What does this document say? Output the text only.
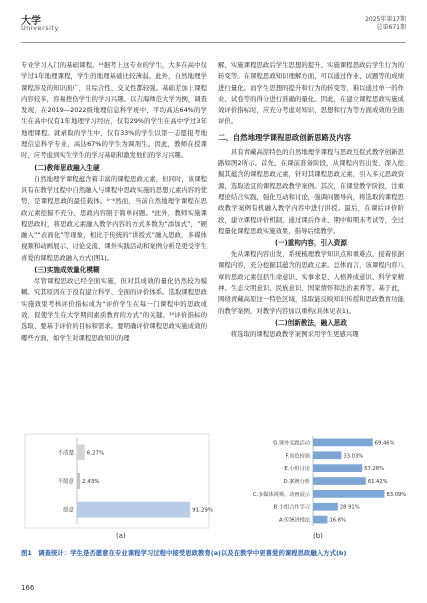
大学
University
2025年第17期
总第671期

专业学习入门的基础课程。¹⁴据考上这专业的学生，大多在高中仅学过1年地理课程，学生的地理基础比较薄弱。此外，自然地理学课程涉及的知识面广，且综合性、交叉性都较强。基础差加上课程内容较多，容易挫伤学生的学习兴趣。以吉海师范大学为例，调查发现，在2019—2022级地理信息科学班中，平均高达64%的学生在高中仅有1年地理学习经历，仅有29%的学生在高中学过3年地理课程。就录取的学生中，仅有33%的学生以第一志愿报考地理信息科学专业，高达67%的学生为调剂生。因此，教师在授课时，应考虑到实生学生的学习基础和激发他们的学习兴趣。

(二)教师思政融入生硬

自然地理学课程蕴含着丰富的课程思政元素，但同时，该课程具有在教学过程中自然融入与课程中思政实施的思想元素内容的优势，是课程思政的最佳载体。⁵⁻⁶然而，当前自然地理学课程在思政元素挖掘不充分、思政内容限于简单问题。⁸此外，教师实施课程思政时，将思政元素融入教学内容的方式多数为“添加式”，“硬融入”“表面化”等现象，相比于传统的“讲授式”融入思政，多媒体视频和动画展示、讨论交流、课外实践活动和案例分析是更受学生喜爱的课程思政融入方式(图1)。

(三)实施成效量化模糊

尽管课程思政已经全面实施，但对其成效的量化仍然较为模糊。究其原因在于没有建立科学、全面的评价体系。选取课程思政实施效果考核评价指标成为“评价学生在每一门课程中的思政成效，促使学生在大学期间素质教育的方式”的关键。¹⁰评价指标的选取、要基于评价的目标和需求。要明确评价课程思政实施成效的哪些方面，如学生对课程思政知识的理

解、实施课程思政后学生思想的提升、实施课程思政后学生行为的转变等。在课程思政知识理解方面，可以通过作业、试题等的成绩进行量化。而学生思想的提升和行为的转变等，难以通过单一的作业、试卷等的得分进行准确的量化。因此，在建立课程思政实施成效评价指标时，应充分考虑对知识、思想和行为等方面成效的全面评价。

二、自然地理学课程思政创新思路及内容

具有青藏高原特色的自然地理学课程与思政互促式教学创新思路如图2所示。首先，在课前准备阶段，从课程内容出发，深入挖掘其蕴含的课程思政元素，针对其课程思政元素，引入多元思政资源，选取适宜的课程思政教学案例。其次，在课堂教学阶段，注重理论结合实践，强化互动和讨论，强调问题导向，将选取的课程思政教学案例有机融入教学内容中进行讲授。最后，在课后评价阶段，建立课程评价机制，通过课后作业、期中和期末考试等，全过程量化课程思政实施效果，指导后续教学。

(一)重构内容，引入资源

先从课程内容出发，系统梳理教学知识点和重难点，接着依据课程内容，充分挖掘其蕴含的思政元素。总体而言，该课程内容八章的思政元素包括生命意识、实事求是、人格养成意识、科学家精神、生态文明意识、民族意识、国家情怀和法治素养等。基于此，围绕青藏高原这一特色区域，选取能反映知识传授和思政教育功能的教学案例，对教学内容加以重构(具体见表1)。

(二)创新教法，融入思政

将选取的课程思政教学案例采用学生更感兴趣

愿意	91.29%
不愿意 2.43%
不清楚 6.27%
G.课外实践活动	69.46%
F.角色扮演	33.03%
E.小组讨论	57.28%
D.案例分析	61.42%
C.多媒体视频、动画展示	83.09%
B.小组合作学习	28.91%
A.传统讲授法	16.8%
(a)	(b)
图1　调查统计：学生是否愿意在专业课程学习过程中接受思政教育(a)以及在教学中更喜爱的课程思政融入方式(b)
166
